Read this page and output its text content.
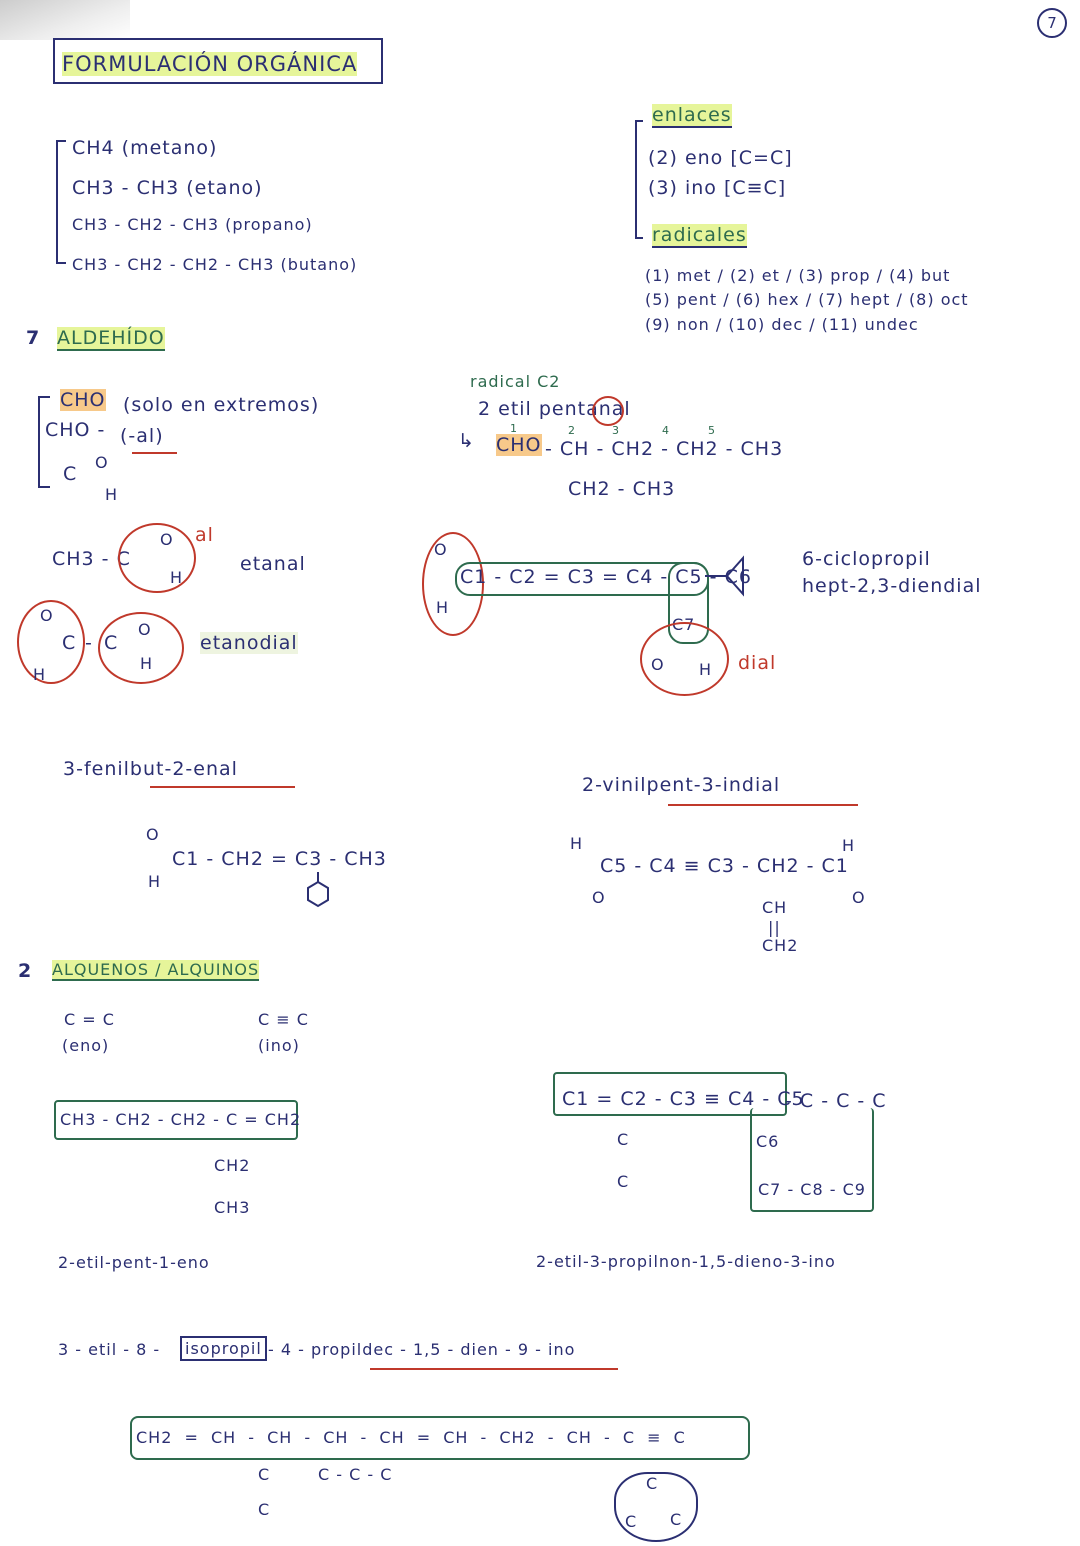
7
FORMULACIÓN ORGÁNICA
CH4 (metano)
CH3 - CH3 (etano)
CH3 - CH2 - CH3 (propano)
CH3 - CH2 - CH2 - CH3 (butano)
enlaces
(2) eno [C=C]
(3) ino [C≡C]
radicales
(1) met / (2) et / (3) prop / (4) but
(5) pent / (6) hex / (7) hept / (8) oct
(9) non / (10) dec / (11) undec
7 ALDEHÍDO
CHO (solo en extremos)
CHO - (-al)
C
O
H
radical C2
2 etil pentanal
↳ CHO - CH - CH2 - CH2 - CH3
1	2	3	4	5
CH2 - CH3
CH3 - C
O
H
al
etanal
O
C
H
- C
O
H
etanodial
O
H
C1 - C2 = C3 = C4 - C5 - C6
C7
O H dial
6-ciclopropil
hept-2,3-diendial
3-fenilbut-2-enal
O
H
C1 - CH2 = C3 - CH3
2-vinilpent-3-indial
H
C5 - C4 ≡ C3 - CH2 - C1
O
H
O
CH
||
CH2
2 ALQUENOS / ALQUINOS
C = C
(eno)
C ≡ C
(ino)
CH3 - CH2 - CH2 - C = CH2
CH2
CH3
2-etil-pent-1-eno
C1 = C2 - C3 ≡ C4 - C5
- C - C - C
C
C
C6
C7 - C8 - C9
2-etil-3-propilnon-1,5-dieno-3-ino
3 - etil - 8 -	isopropil - 4 - propildec - 1,5 - dien - 9 - ino
CH2 = CH - CH - CH - CH = CH - CH2 - CH - C ≡ C
C
C
C - C - C	C
C C
